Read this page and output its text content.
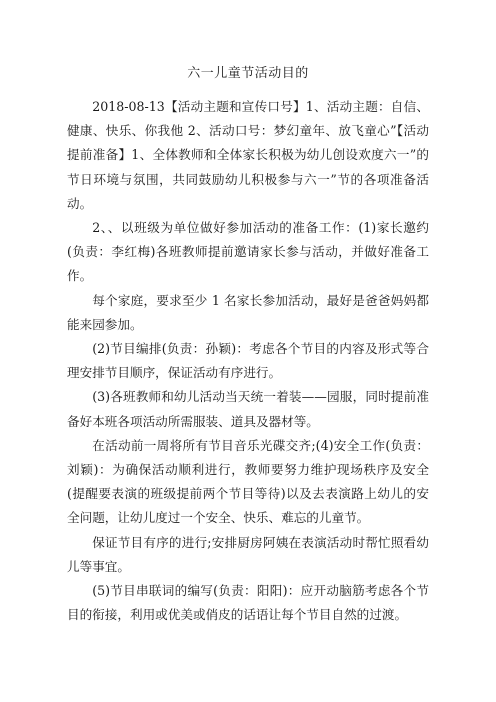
六一儿童节活动目的

2018-08-13【活动主题和宣传口号】1、活动主题：自信、健康、快乐、你我他 2、活动口号：梦幻童年、放飞童心”【活动提前准备】1、全体教师和全体家长积极为幼儿创设欢度六一”的节日环境与氛围，共同鼓励幼儿积极参与六一”节的各项准备活动。

2、、以班级为单位做好参加活动的准备工作：(1)家长邀约(负责：李红梅)各班教师提前邀请家长参与活动，并做好准备工作。

每个家庭，要求至少 1 名家长参加活动，最好是爸爸妈妈都能来园参加。

(2)节目编排(负责：孙颖)：考虑各个节目的内容及形式等合理安排节目顺序，保证活动有序进行。

(3)各班教师和幼儿活动当天统一着装——园服，同时提前准备好本班各项活动所需服装、道具及器材等。

在活动前一周将所有节目音乐光碟交齐;(4)安全工作(负责：刘颖)：为确保活动顺利进行，教师要努力维护现场秩序及安全(提醒要表演的班级提前两个节目等待)以及去表演路上幼儿的安全问题，让幼儿度过一个安全、快乐、难忘的儿童节。

保证节目有序的进行;安排厨房阿姨在表演活动时帮忙照看幼儿等事宜。

(5)节目串联词的编写(负责：阳阳)：应开动脑筋考虑各个节目的衔接，利用或优美或俏皮的话语让每个节目自然的过渡。
